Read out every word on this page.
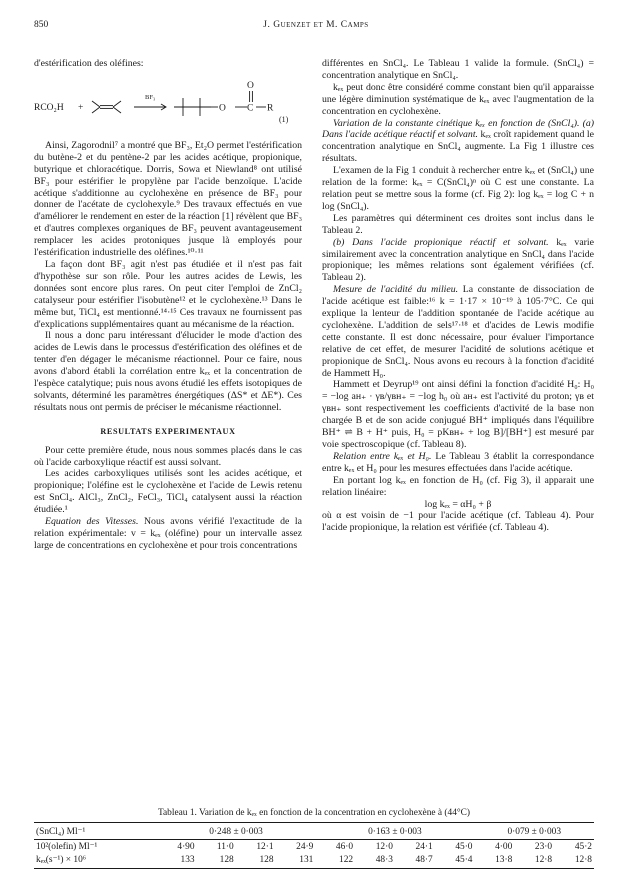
850	J. Guenzet et M. Camps

d'estérification des oléfines:

RCO₂H +
BF₃
O
O
C R
(1)

Ainsi, Zagorodnil⁷ a montré que BF₃, Et₂O permet l'estérification du butène-2 et du pentène-2 par les acides acétique, propionique, butyrique et chloracétique. Dorris, Sowa et Niewland⁸ ont utilisé BF₃ pour estérifier le propylène par l'acide benzoïque. L'acide acétique s'additionne au cyclohexène en présence de BF₃ pour donner de l'acétate de cyclohexyle.⁹ Des travaux effectués en vue d'améliorer le rendement en ester de la réaction [1] révèlent que BF₃ et d'autres complexes organiques de BF₃ peuvent avantageusement remplacer les acides protoniques jusque là employés pour l'estérification industrielle des oléfines.¹⁰·¹¹

La façon dont BF₃ agit n'est pas étudiée et il n'est pas fait d'hypothèse sur son rôle. Pour les autres acides de Lewis, les données sont encore plus rares. On peut citer l'emploi de ZnCl₂ catalyseur pour estérifier l'isobutène¹² et le cyclohexène.¹³ Dans le même but, TiCl₄ est mentionné.¹⁴·¹⁵ Ces travaux ne fournissent pas d'explications supplémentaires quant au mécanisme de la réaction.

Il nous a donc paru intéressant d'élucider le mode d'action des acides de Lewis dans le processus d'estérification des oléfines et de tenter d'en dégager le mécanisme réactionnel. Pour ce faire, nous avons d'abord établi la corrélation entre kₑₓ et la concentration de l'espèce catalytique; puis nous avons étudié les effets isotopiques de solvants, déterminé les paramètres énergétiques (ΔS* et ΔE*). Ces résultats nous ont permis de préciser le mécanisme réactionnel.

RESULTATS EXPERIMENTAUX

Pour cette première étude, nous nous sommes placés dans le cas où l'acide carboxylique réactif est aussi solvant.

Les acides carboxyliques utilisés sont les acides acétique, et propionique; l'oléfine est le cyclohexène et l'acide de Lewis retenu est SnCl₄. AlCl₃, ZnCl₂, FeCl₃, TiCl₄ catalysent aussi la réaction étudiée.¹

Equation des Vitesses. Nous avons vérifié l'exactitude de la relation expérimentale: v = kₑₓ (oléfine) pour un intervalle assez large de concentrations en cyclohexène et pour trois concentrations

différentes en SnCl₄. Le Tableau 1 valide la formule. (SnCl₄) = concentration analytique en SnCl₄.

kₑₓ peut donc être considéré comme constant bien qu'il apparaisse une légère diminution systématique de kₑₓ avec l'augmentation de la concentration en cyclohexène.

Variation de la constante cinétique kₑₓ en fonction de (SnCl₄). (a) Dans l'acide acétique réactif et solvant. kₑₓ croît rapidement quand le concentration analytique en SnCl₄ augmente. La Fig 1 illustre ces résultats.

L'examen de la Fig 1 conduit à rechercher entre kₑₓ et (SnCl₄) une relation de la forme: kₑₓ = C(SnCl₄)ⁿ où C est une constante. La relation peut se mettre sous la forme (cf. Fig 2): log kₑₓ = log C + n log (SnCl₄).

Les paramètres qui déterminent ces droites sont inclus dans le Tableau 2.

(b) Dans l'acide propionique réactif et solvant. kₑₓ varie similairement avec la concentration analytique en SnCl₄ dans l'acide propionique; les mêmes relations sont également vérifiées (cf. Tableau 2).

Mesure de l'acidité du milieu. La constante de dissociation de l'acide acétique est faible:¹⁶ k = 1·17 × 10⁻¹⁹ à 105·7°C. Ce qui explique la lenteur de l'addition spontanée de l'acide acétique au cyclohexène. L'addition de sels¹⁷·¹⁸ et d'acides de Lewis modifie cette constante. Il est donc nécessaire, pour évaluer l'importance relative de cet effet, de mesurer l'acidité de solutions acétique et propionique de SnCl₄. Nous avons eu recours à la fonction d'acidité de Hammett H₀.

Hammett et Deyrup¹⁹ ont ainsi défini la fonction d'acidité H₀: H₀ = −log aʜ₊ · γʙ/γʙʜ₊ = −log h₀ où aʜ₊ est l'activité du proton; γʙ et γʙʜ₊ sont respectivement les coefficients d'activité de la base non chargée B et de son acide conjugué BH⁺ impliqués dans l'équilibre BH⁺ ⇌ B + H⁺ puis, H₀ = pKʙʜ₊ + log B]/[BH⁺] est mesuré par voie spectroscopique (cf. Tableau 8).

Relation entre kₑₓ et H₀. Le Tableau 3 établit la correspondance entre kₑₓ et H₀ pour les mesures effectuées dans l'acide acétique.

En portant log kₑₓ en fonction de H₀ (cf. Fig 3), il apparait une relation linéaire:

log kₑₓ = αH₀ + β

où α est voisin de −1 pour l'acide acétique (cf. Tableau 4). Pour l'acide propionique, la relation est vérifiée (cf. Tableau 4).

Tableau 1. Variation de kₑₓ en fonction de la concentration en cyclohexène à (44°C)
(SnCl₄) Ml⁻¹	0·248 ± 0·003				0·163 ± 0·003				0·079 ± 0·003		
10²(olefin) Ml⁻¹	4·90	11·0	12·1	24·9	46·0	12·0	24·1	45·0	4·00	23·0	45·2
kₑₓ(s⁻¹) × 10⁶	133	128	128	131	122	48·3	48·7	45·4	13·8	12·8	12·8
